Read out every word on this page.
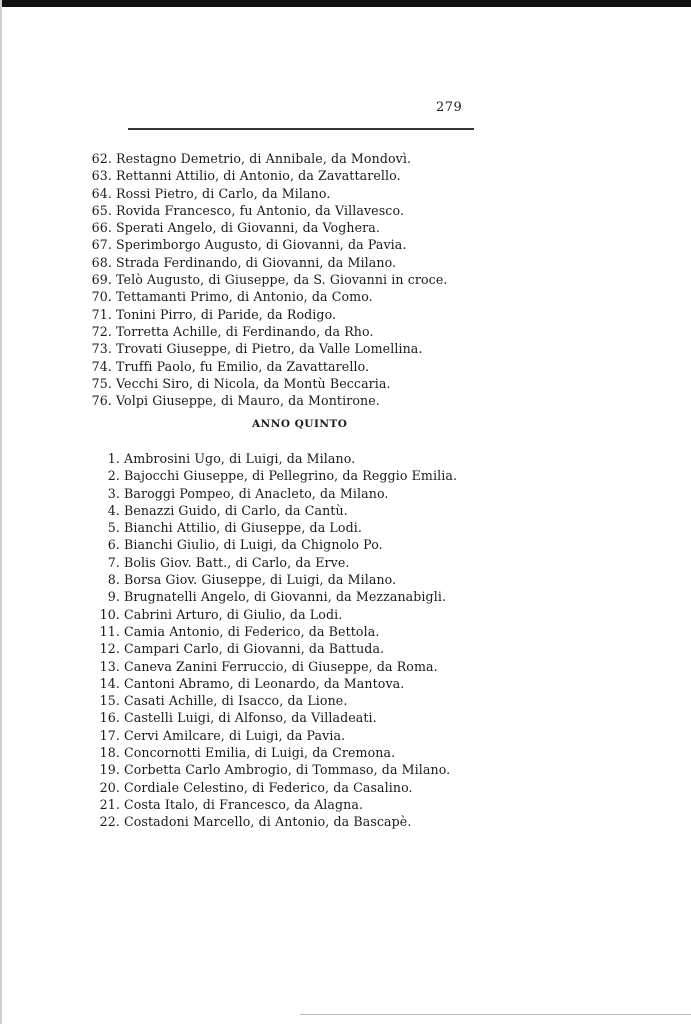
279
62. Restagno Demetrio, di Annibale, da Mondovì.
63. Rettanni Attilio, di Antonio, da Zavattarello.
64. Rossi Pietro, di Carlo, da Milano.
65. Rovida Francesco, fu Antonio, da Villavesco.
66. Sperati Angelo, di Giovanni, da Voghera.
67. Sperimborgo Augusto, di Giovanni, da Pavia.
68. Strada Ferdinando, di Giovanni, da Milano.
69. Telò Augusto, di Giuseppe, da S. Giovanni in croce.
70. Tettamanti Primo, di Antonio, da Como.
71. Tonini Pirro, di Paride, da Rodigo.
72. Torretta Achille, di Ferdinando, da Rho.
73. Trovati Giuseppe, di Pietro, da Valle Lomellina.
74. Truffi Paolo, fu Emilio, da Zavattarello.
75. Vecchi Siro, di Nicola, da Montù Beccaria.
76. Volpi Giuseppe, di Mauro, da Montirone.
ANNO QUINTO
1. Ambrosini Ugo, di Luigi, da Milano.
2. Bajocchi Giuseppe, di Pellegrino, da Reggio Emilia.
3. Baroggi Pompeo, di Anacleto, da Milano.
4. Benazzi Guido, di Carlo, da Cantù.
5. Bianchi Attilio, di Giuseppe, da Lodi.
6. Bianchi Giulio, di Luigi, da Chignolo Po.
7. Bolis Giov. Batt., di Carlo, da Erve.
8. Borsa Giov. Giuseppe, di Luigi, da Milano.
9. Brugnatelli Angelo, di Giovanni, da Mezzanabigli.
10. Cabrini Arturo, di Giulio, da Lodi.
11. Camia Antonio, di Federico, da Bettola.
12. Campari Carlo, di Giovanni, da Battuda.
13. Caneva Zanini Ferruccio, di Giuseppe, da Roma.
14. Cantoni Abramo, di Leonardo, da Mantova.
15. Casati Achille, di Isacco, da Lione.
16. Castelli Luigi, di Alfonso, da Villadeati.
17. Cervi Amilcare, di Luigi, da Pavia.
18. Concornotti Emilia, di Luigi, da Cremona.
19. Corbetta Carlo Ambrogio, di Tommaso, da Milano.
20. Cordiale Celestino, di Federico, da Casalino.
21. Costa Italo, di Francesco, da Alagna.
22. Costadoni Marcello, di Antonio, da Bascapè.
